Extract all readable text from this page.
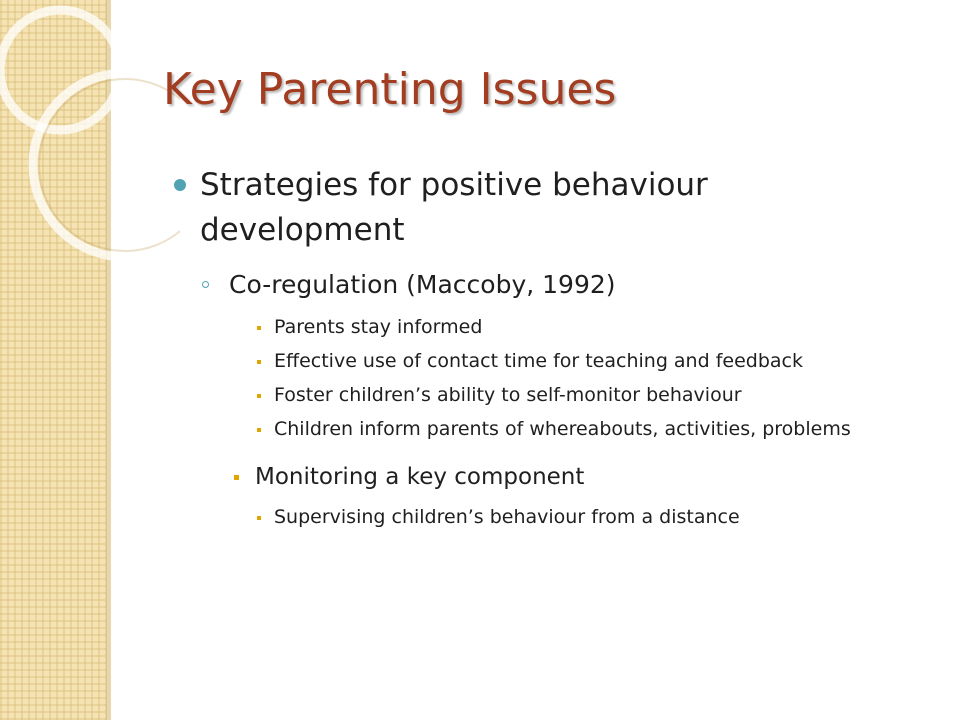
Key Parenting Issues
Strategies for positive behaviour development
Co-regulation (Maccoby, 1992)
Parents stay informed
Effective use of contact time for teaching and feedback
Foster children’s ability to self-monitor behaviour
Children inform parents of whereabouts, activities, problems
Monitoring a key component
Supervising children’s behaviour from a distance
